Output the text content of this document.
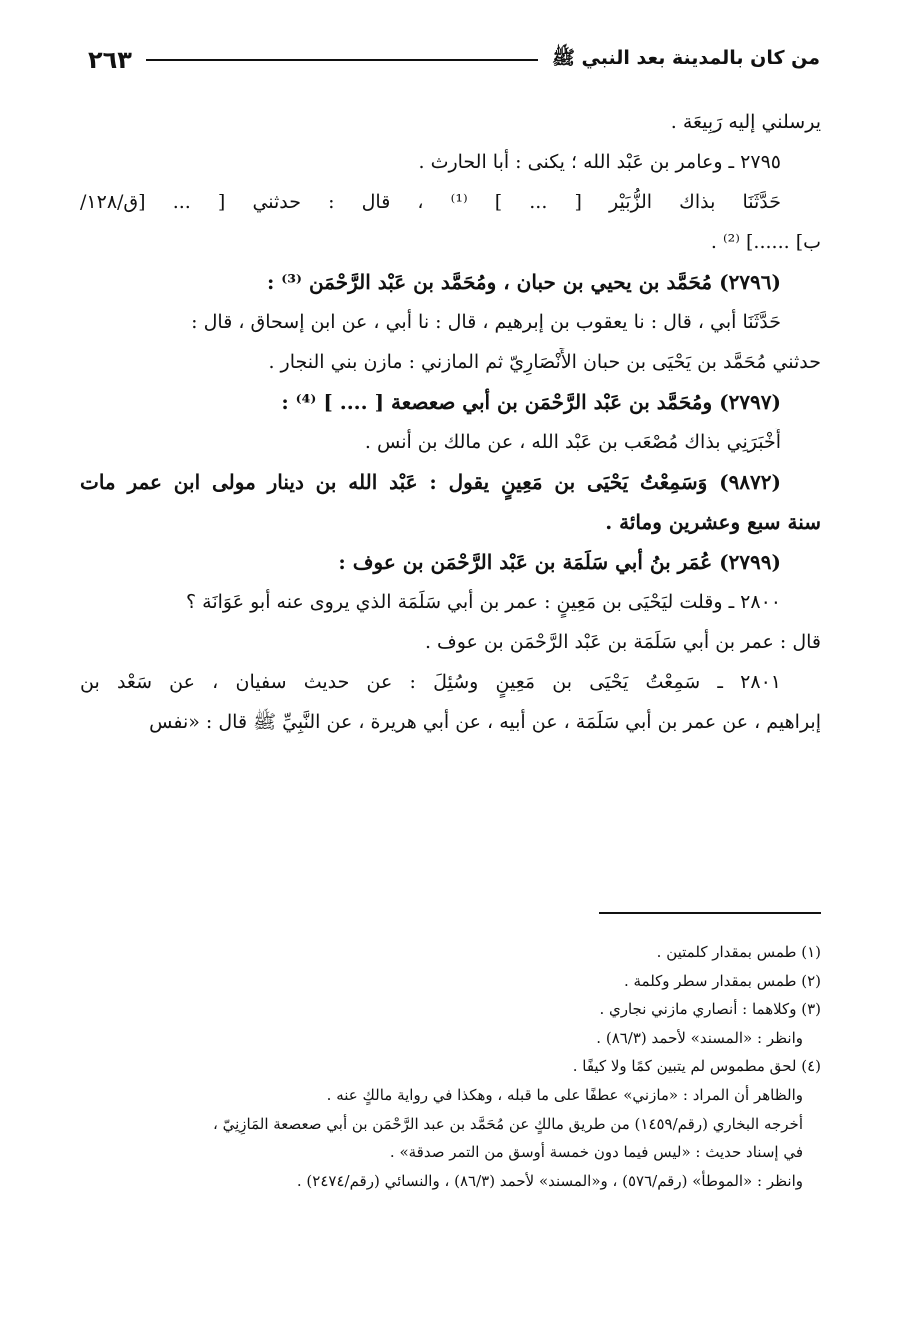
من كان بالمدينة بعد النبي ﷺ
٢٦٣
يرسلني إليه رَبِيعَة .
٢٧٩٥ ـ وعامر بن عَبْد الله ؛ يكنى : أبا الحارث .
حَدَّثَنَا بذاك الزُّبَيْر [ ... ] ⁽¹⁾ ، قال : حدثني [ ... [ق/١٢٨/
ب] ......] ⁽²⁾ .
(٢٧٩٦) مُحَمَّد بن يحيي بن حبان ، ومُحَمَّد بن عَبْد الرَّحْمَن ⁽³⁾ :
حَدَّثَنَا أبي ، قال : نا يعقوب بن إبرهيم ، قال : نا أبي ، عن ابن إسحاق ، قال :
حدثني مُحَمَّد بن يَحْيَى بن حبان الأَنْصَارِيّ ثم المازني : مازن بني النجار .
(٢٧٩٧) ومُحَمَّد بن عَبْد الرَّحْمَن بن أبي صعصعة [ .... ] ⁽⁴⁾ :
أَخْبَرَنِي بذاك مُصْعَب بن عَبْد الله ، عن مالك بن أنس .
(٩٨٧٢) وَسَمِعْتُ يَحْيَى بن مَعِينٍ يقول : عَبْد الله بن دينار مولى ابن عمر مات
سنة سبع وعشرين ومائة .
(٢٧٩٩) عُمَر بنُ أبي سَلَمَة بن عَبْد الرَّحْمَن بن عوف :
٢٨٠٠ ـ وقلت ليَحْيَى بن مَعِينٍ : عمر بن أبي سَلَمَة الذي يروى عنه أبو عَوَانَة ؟
قال : عمر بن أبي سَلَمَة بن عَبْد الرَّحْمَن بن عوف .
٢٨٠١ ـ سَمِعْتُ يَحْيَى بن مَعِينٍ وسُئِلَ : عن حديث سفيان ، عن سَعْد بن
إبراهيم ، عن عمر بن أبي سَلَمَة ، عن أبيه ، عن أبي هريرة ، عن النَّبِيِّ ﷺ قال : «نفس
(١) طمس بمقدار كلمتين .
(٢) طمس بمقدار سطر وكلمة .
(٣) وكلاهما : أنصاري مازني نجاري .
وانظر : «المسند» لأحمد (٨٦/٣) .
(٤) لحق مطموس لم يتبين كمًا ولا كيفًا .
والظاهر أن المراد : «مازني» عطفًا على ما قبله ، وهكذا في رواية مالكٍ عنه .
أخرجه البخاري (رقم/١٤٥٩) من طريق مالكٍ عن مُحَمَّد بن عبد الرَّحْمَن بن أبي صعصعة المَازِنِيّ ،
في إسناد حديث : «ليس فيما دون خمسة أوسق من التمر صدقة» .
وانظر : «الموطأ» (رقم/٥٧٦) ، و«المسند» لأحمد (٨٦/٣) ، والنسائي (رقم/٢٤٧٤) .
